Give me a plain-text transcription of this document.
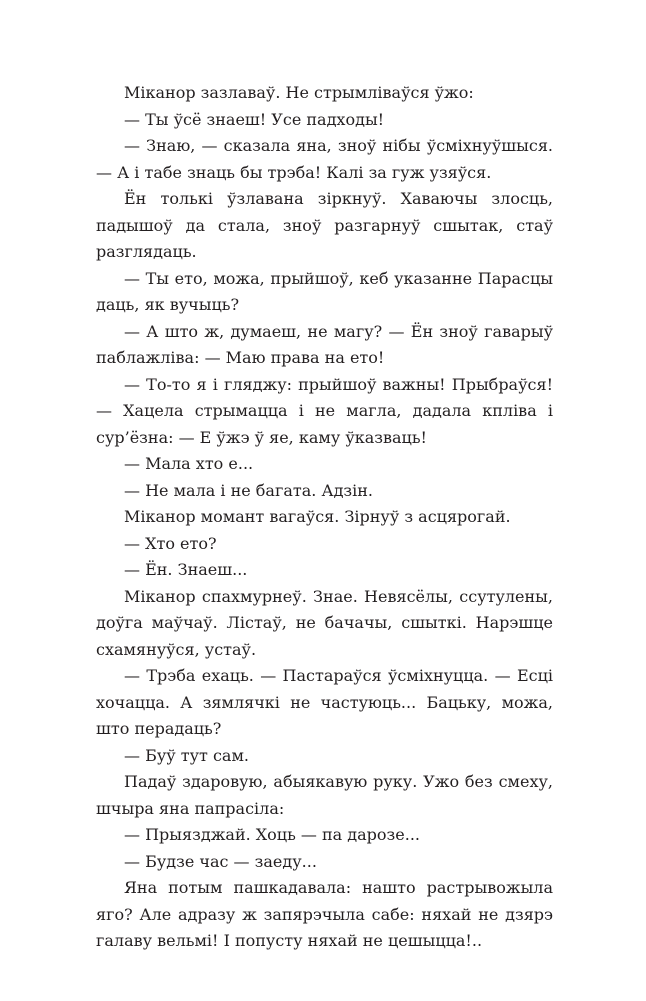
Міканор зазлаваў. Не стрымліваўся ўжо:

— Ты ўсё знаеш! Усе падходы!

— Знаю, — сказала яна, зноў нібы ўсміхнуўшыся. — А і табе знаць бы трэба! Калі за гуж узяўся.

Ён толькі ўзлавана зіркнуў. Хаваючы злосць, падышоў да стала, зноў разгарнуў сшытак, стаў разглядаць.

— Ты ето, можа, прыйшоў, кеб указанне Парасцы даць, як вучыць?

— А што ж, думаеш, не магу? — Ён зноў гаварыў паблажліва: — Маю права на ето!

— То-то я і гляджу: прыйшоў важны! Прыбраўся! — Хацела стрымацца і не магла, дадала кпліва і сур’ёзна: — Е ўжэ ў яе, каму ўказваць!

— Мала хто е...

— Не мала і не багата. Адзін.

Міканор момант вагаўся. Зірнуў з асцярогай.

— Хто ето?

— Ён. Знаеш...

Міканор спахмурнеў. Знае. Невясёлы, ссутулены, доўга маўчаў. Лістаў, не бачачы, сшыткі. Нарэшце схамянуўся, устаў.

— Трэба ехаць. — Пастараўся ўсміхнуцца. — Есці хочацца. А зямлячкі не частуюць... Бацьку, можа, што перадаць?

— Буў тут сам.

Падаў здаровую, абыякавую руку. Ужо без смеху, шчыра яна папрасіла:

— Прыязджай. Хоць — па дарозе...

— Будзе час — заеду...

Яна потым пашкадавала: нашто растрывожыла яго? Але адразу ж запярэчыла сабе: няхай не дзярэ галаву вельмі! І попусту няхай не цешыцца!..
